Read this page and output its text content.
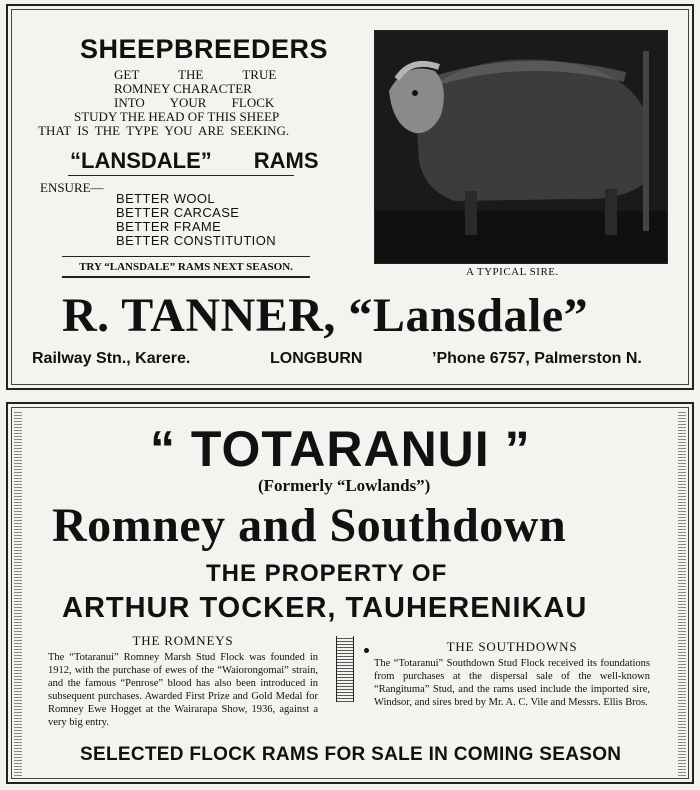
SHEEPBREEDERS
GET THE TRUE
ROMNEY CHARACTER
INTO YOUR FLOCK
STUDY THE HEAD OF THIS SHEEP
THAT IS THE TYPE YOU ARE SEEKING.
“LANSDALE” RAMS
ENSURE—
BETTER WOOL
BETTER CARCASE
BETTER FRAME
BETTER CONSTITUTION
TRY “LANSDALE” RAMS NEXT SEASON.	A TYPICAL SIRE.
R. TANNER, “Lansdale”
Railway Stn., Karere.	LONGBURN	’Phone 6757, Palmerston N.
“ TOTARANUI ”
(Formerly “Lowlands”)
Romney and Southdown
THE PROPERTY OF
ARTHUR TOCKER, TAUHERENIKAU
THE ROMNEYS

The “Totaranui” Romney Marsh Stud Flock was founded in 1912, with the purchase of ewes of the “Waiorongomai” strain, and the famous “Penrose” blood has also been introduced in subsequent purchases. Awarded First Prize and Gold Medal for Romney Ewe Hogget at the Wairarapa Show, 1936, against a very big entry.

THE SOUTHDOWNS

The “Totaranui” Southdown Stud Flock received its foundations from purchases at the dispersal sale of the well-known “Rangituma” Stud, and the rams used include the imported sire, Windsor, and sires bred by Mr. A. C. Vile and Messrs. Ellis Bros.

SELECTED FLOCK RAMS FOR SALE IN COMING SEASON
